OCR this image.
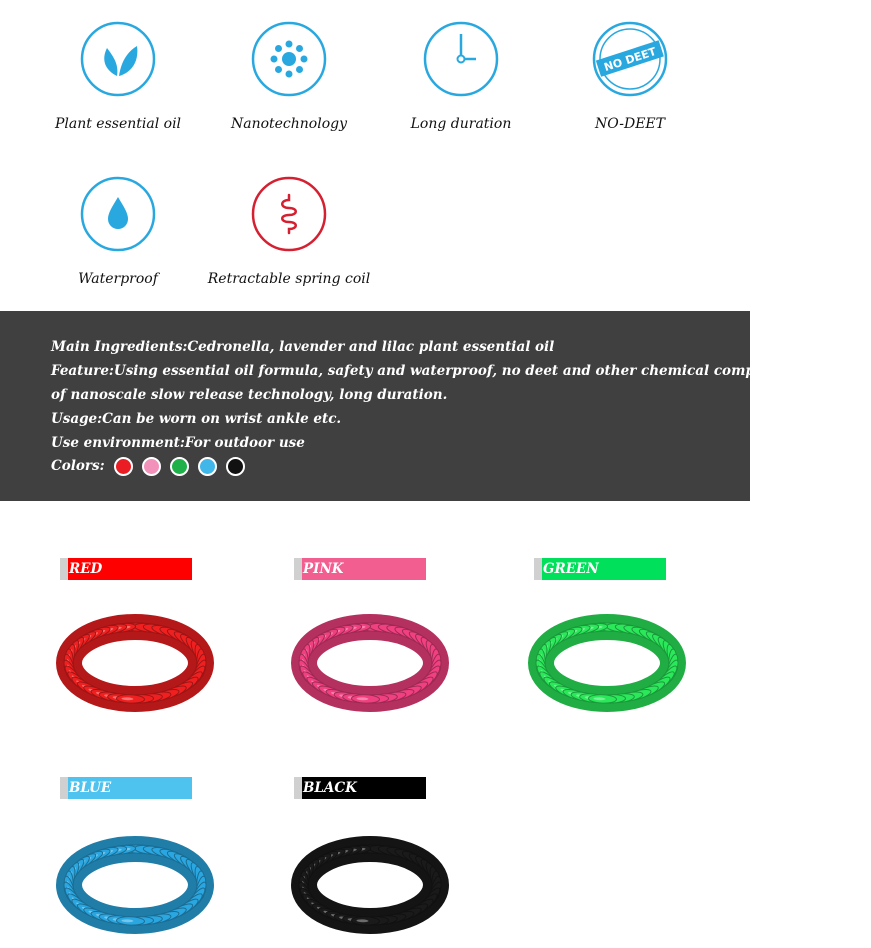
Plant essential oil	Nanotechnology	Long duration
NO DEET
NO-DEET
Waterproof	Retractable spring coil
Main Ingredients:Cedronella, lavender and lilac plant essential oil
Feature:Using essential oil formula, safety and waterproof, no deet and other chemical components, the use
of nanoscale slow release technology, long duration.
Usage:Can be worn on wrist ankle etc.
Use environment:For outdoor use
Colors:
RED	PINK	GREEN
BLUE	BLACK
